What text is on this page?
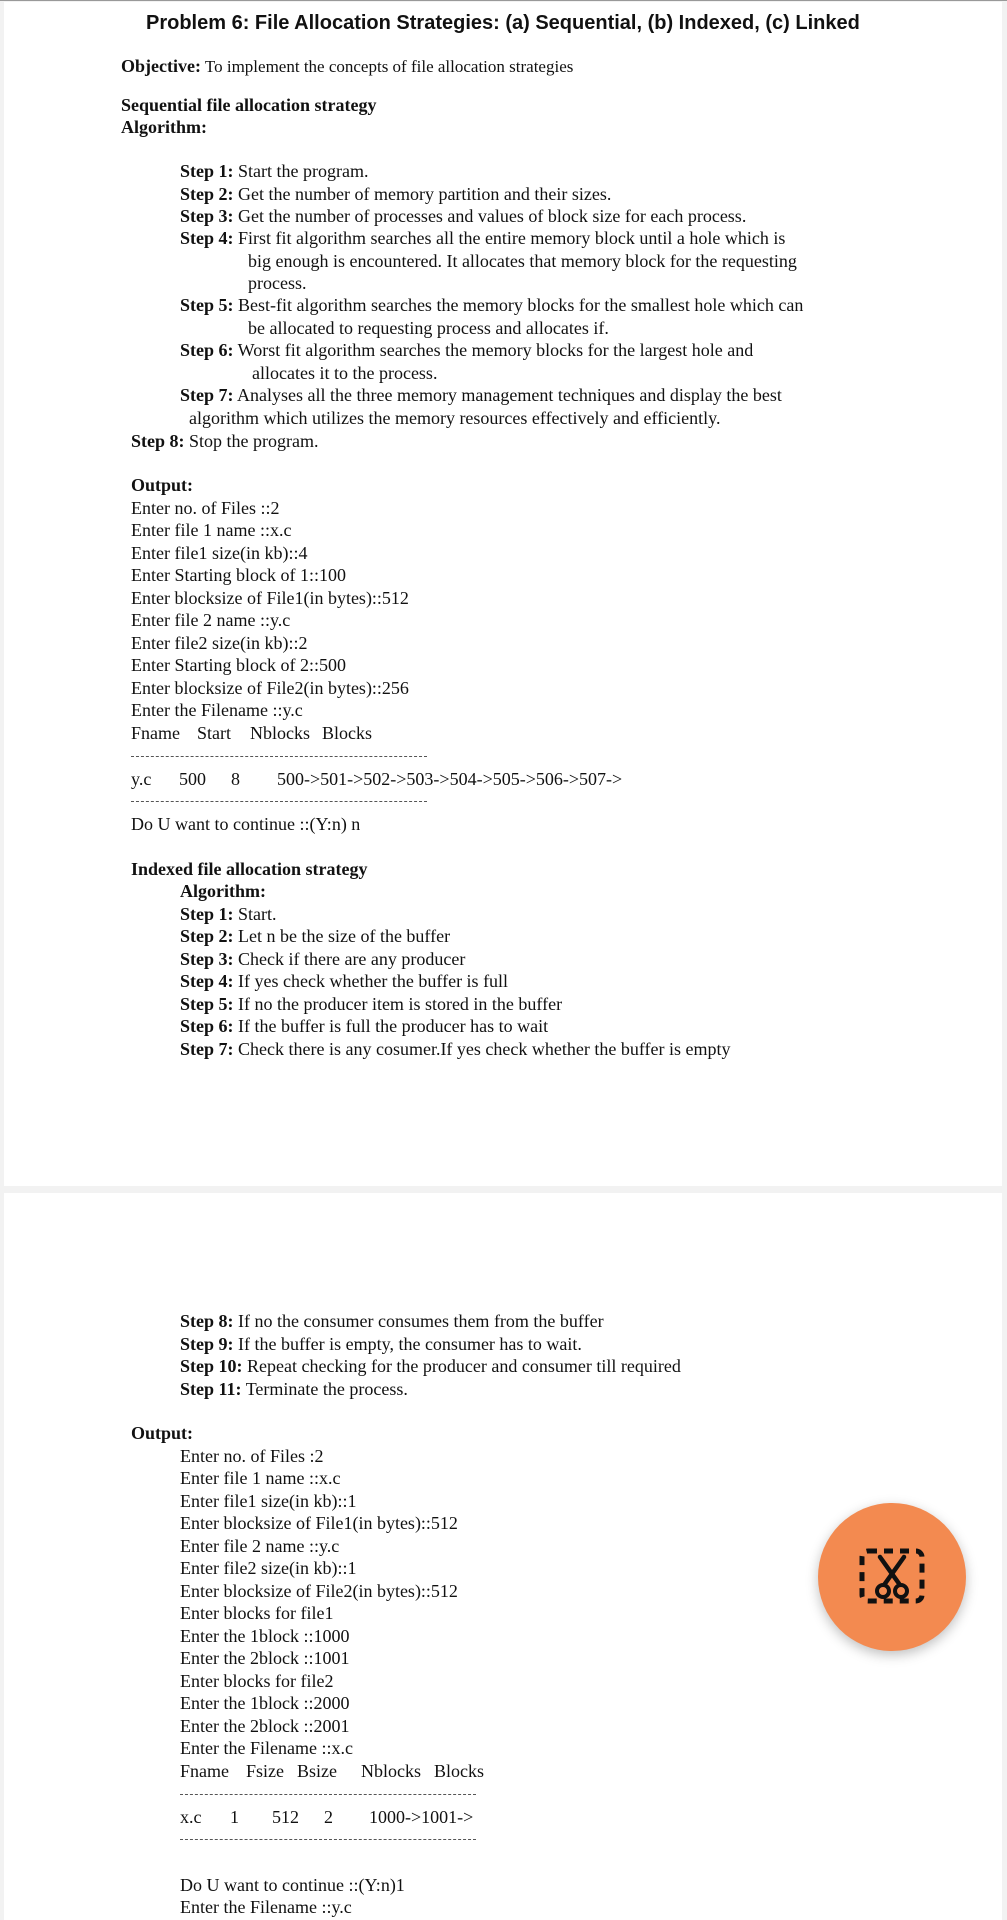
Problem 6: File Allocation Strategies: (a) Sequential, (b) Indexed, (c) Linked
Objective: To implement the concepts of file allocation strategies
Sequential file allocation strategy
Algorithm:
Step 1: Start the program.
Step 2: Get the number of memory partition and their sizes.
Step 3: Get the number of processes and values of block size for each process.
Step 4: First fit algorithm searches all the entire memory block until a hole which is
big enough is encountered. It allocates that memory block for the requesting
process.
Step 5: Best-fit algorithm searches the memory blocks for the smallest hole which can
be allocated to requesting process and allocates if.
Step 6: Worst fit algorithm searches the memory blocks for the largest hole and
allocates it to the process.
Step 7: Analyses all the three memory management techniques and display the best
algorithm which utilizes the memory resources effectively and efficiently.
Step 8: Stop the program.
Output:
Enter no. of Files ::2
Enter file 1 name ::x.c
Enter file1 size(in kb)::4
Enter Starting block of 1::100
Enter blocksize of File1(in bytes)::512
Enter file 2 name ::y.c
Enter file2 size(in kb)::2
Enter Starting block of 2::500
Enter blocksize of File2(in bytes)::256
Enter the Filename ::y.c
Fname Start Nblocks Blocks
y.c 500 8 500->501->502->503->504->505->506->507->
Do U want to continue ::(Y:n) n
Indexed file allocation strategy
Algorithm:
Step 1: Start.
Step 2: Let n be the size of the buffer
Step 3: Check if there are any producer
Step 4: If yes check whether the buffer is full
Step 5: If no the producer item is stored in the buffer
Step 6: If the buffer is full the producer has to wait
Step 7: Check there is any cosumer.If yes check whether the buffer is empty
Step 8: If no the consumer consumes them from the buffer
Step 9: If the buffer is empty, the consumer has to wait.
Step 10: Repeat checking for the producer and consumer till required
Step 11: Terminate the process.
Output:
Enter no. of Files :2
Enter file 1 name ::x.c
Enter file1 size(in kb)::1
Enter blocksize of File1(in bytes)::512
Enter file 2 name ::y.c
Enter file2 size(in kb)::1
Enter blocksize of File2(in bytes)::512
Enter blocks for file1
Enter the 1block ::1000
Enter the 2block ::1001
Enter blocks for file2
Enter the 1block ::2000
Enter the 2block ::2001
Enter the Filename ::x.c
Fname Fsize Bsize Nblocks Blocks
x.c 1 512 2 1000->1001->
Do U want to continue ::(Y:n)1
Enter the Filename ::y.c
